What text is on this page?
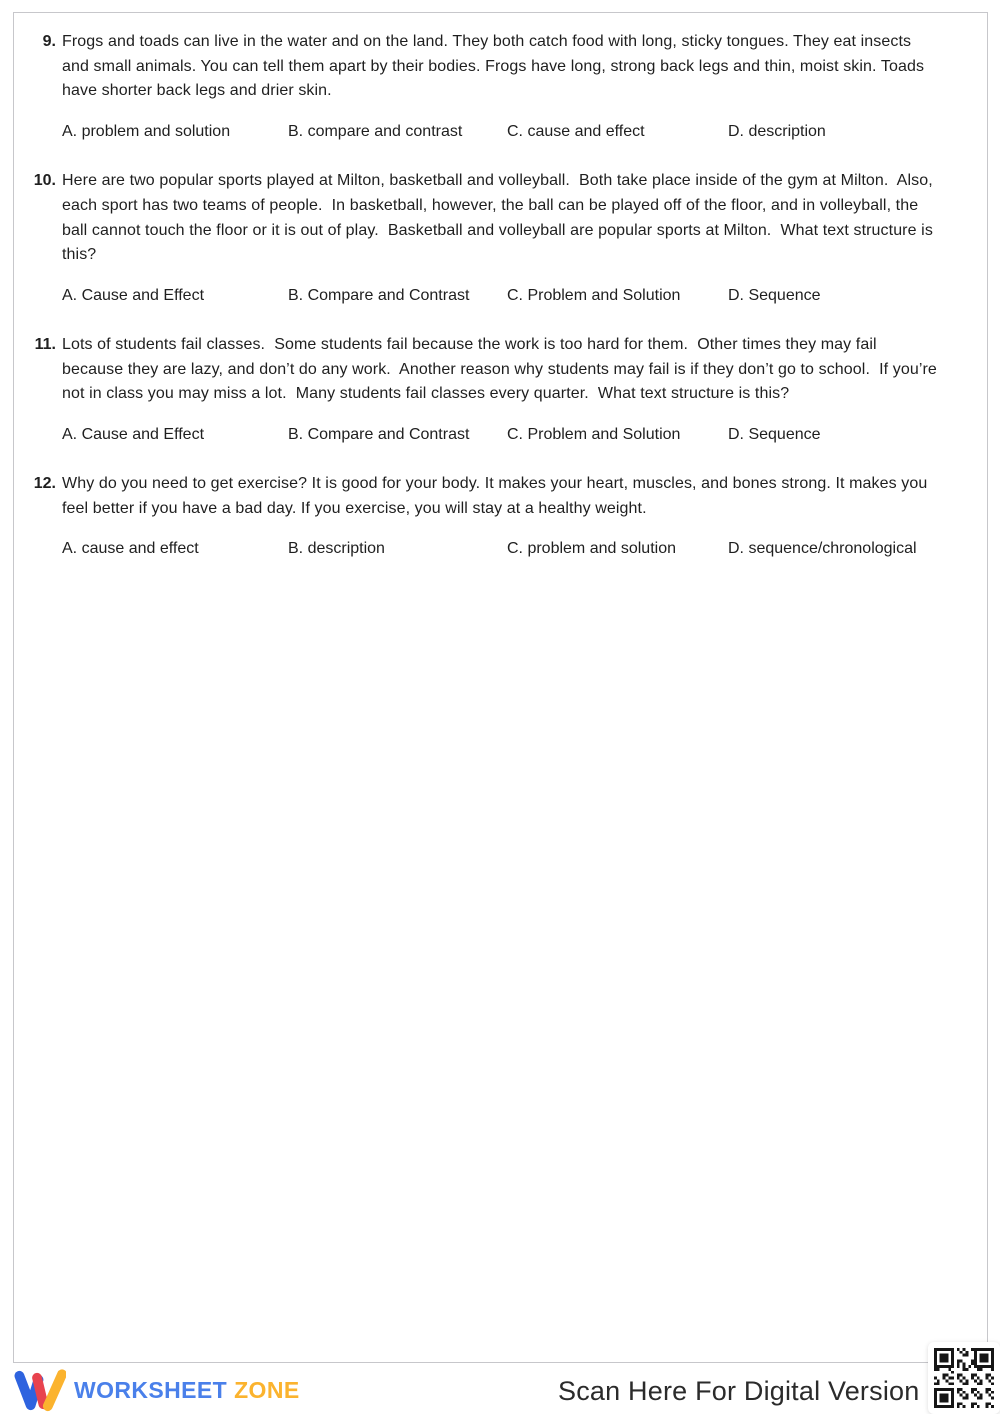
9. Frogs and toads can live in the water and on the land. They both catch food with long, sticky tongues. They eat insects and small animals. You can tell them apart by their bodies. Frogs have long, strong back legs and thin, moist skin. Toads have shorter back legs and drier skin.

A. problem and solution	B. compare and contrast	C. cause and effect	D. description
10. Here are two popular sports played at Milton, basketball and volleyball.  Both take place inside of the gym at Milton.  Also, each sport has two teams of people.  In basketball, however, the ball can be played off of the floor, and in volleyball, the ball cannot touch the floor or it is out of play.  Basketball and volleyball are popular sports at Milton.  What text structure is this?

A. Cause and Effect	B. Compare and Contrast	C. Problem and Solution	D. Sequence
11. Lots of students fail classes.  Some students fail because the work is too hard for them.  Other times they may fail because they are lazy, and don’t do any work.  Another reason why students may fail is if they don’t go to school.  If you’re not in class you may miss a lot.  Many students fail classes every quarter.  What text structure is this?

A. Cause and Effect	B. Compare and Contrast	C. Problem and Solution	D. Sequence
12. Why do you need to get exercise? It is good for your body. It makes your heart, muscles, and bones strong. It makes you feel better if you have a bad day. If you exercise, you will stay at a healthy weight.

A. cause and effect	B. description	C. problem and solution	D. sequence/chronological
WORKSHEET ZONE	Scan Here For Digital Version
